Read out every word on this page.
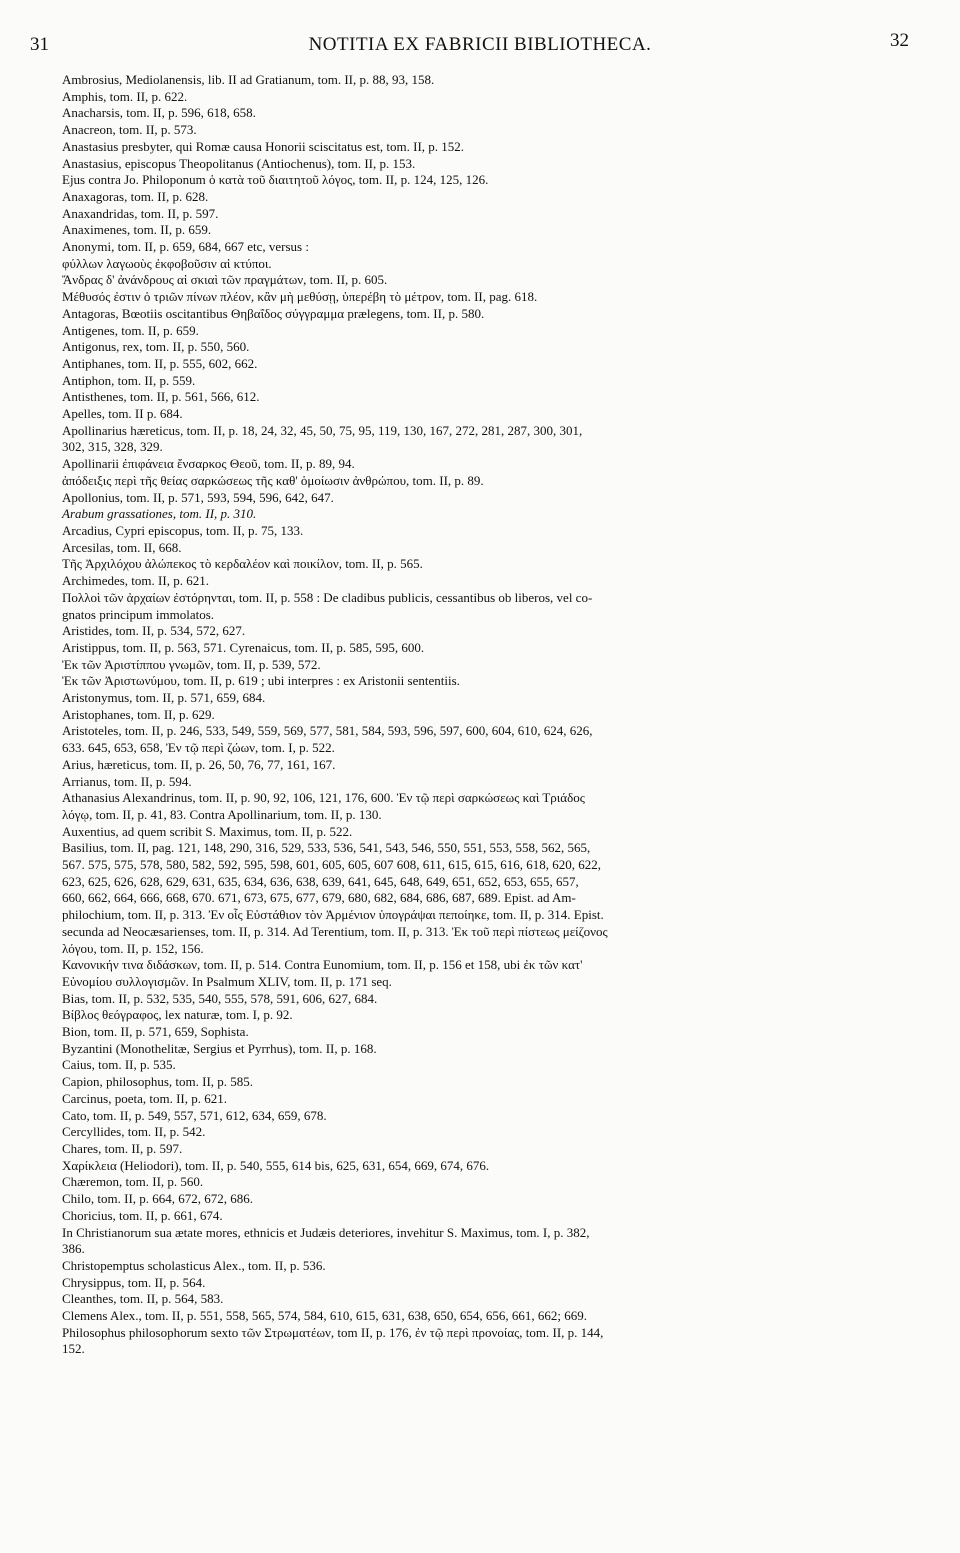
31	NOTITIA EX FABRICII BIBLIOTHECA.	32
Ambrosius, Mediolanensis, lib. II ad Gratianum, tom. II, p. 88, 93, 158.
Amphis, tom. II, p. 622.
Anacharsis, tom. II, p. 596, 618, 658.
Anacreon, tom. II, p. 573.
Anastasius presbyter, qui Romæ causa Honorii sciscitatus est, tom. II, p. 152.
Anastasius, episcopus Theopolitanus (Antiochenus), tom. II, p. 153.
Ejus contra Jo. Philoponum ὁ κατὰ τοῦ διαιτητοῦ λόγος, tom. II, p. 124, 125, 126.
Anaxagoras, tom. II, p. 628.
Anaxandridas, tom. II, p. 597.
Anaximenes, tom. II, p. 659.
Anonymi, tom. II, p. 659, 684, 667 etc, versus :
φύλλων λαγωοὺς ἐκφοβοῦσιν αἱ κτύποι.
Ἄνδρας δ' ἀνάνδρους αἱ σκιαὶ τῶν πραγμάτων, tom. II, p. 605.
Μέθυσός ἐστιν ὁ τριῶν πίνων πλέον, κἂν μὴ μεθύσῃ, ὑπερέβη τὸ μέτρον, tom. II, pag. 618.
Antagoras, Bœotiis oscitantibus Θηβαΐδος σύγγραμμα prælegens, tom. II, p. 580.
Antigenes, tom. II, p. 659.
Antigonus, rex, tom. II, p. 550, 560.
Antiphanes, tom. II, p. 555, 602, 662.
Antiphon, tom. II, p. 559.
Antisthenes, tom. II, p. 561, 566, 612.
Apelles, tom. II p. 684.
Apollinarius hæreticus, tom. II, p. 18, 24, 32, 45, 50, 75, 95, 119, 130, 167, 272, 281, 287, 300, 301,
302, 315, 328, 329.
Apollinarii ἐπιφάνεια ἔνσαρκος Θεοῦ, tom. II, p. 89, 94.
ἀπόδειξις περὶ τῆς θείας σαρκώσεως τῆς καθ' ὁμοίωσιν ἀνθρώπου, tom. II, p. 89.
Apollonius, tom. II, p. 571, 593, 594, 596, 642, 647.
Arabum grassationes, tom. II, p. 310.
Arcadius, Cypri episcopus, tom. II, p. 75, 133.
Arcesilas, tom. II, 668.
Τῆς Ἀρχιλόχου ἀλώπεκος τὸ κερδαλέον καὶ ποικίλον, tom. II, p. 565.
Archimedes, tom. II, p. 621.
Πολλοὶ τῶν ἀρχαίων ἐστόρηνται, tom. II, p. 558 : De cladibus publicis, cessantibus ob liberos, vel co-
gnatos principum immolatos.
Aristides, tom. II, p. 534, 572, 627.
Aristippus, tom. II, p. 563, 571. Cyrenaicus, tom. II, p. 585, 595, 600.
Ἐκ τῶν Ἀριστίππου γνωμῶν, tom. II, p. 539, 572.
Ἐκ τῶν Ἀριστωνύμου, tom. II, p. 619 ; ubi interpres : ex Aristonii sententiis.
Aristonymus, tom. II, p. 571, 659, 684.
Aristophanes, tom. II, p. 629.
Aristoteles, tom. II, p. 246, 533, 549, 559, 569, 577, 581, 584, 593, 596, 597, 600, 604, 610, 624, 626,
633. 645, 653, 658, Ἐν τῷ περὶ ζώων, tom. I, p. 522.
Arius, hæreticus, tom. II, p. 26, 50, 76, 77, 161, 167.
Arrianus, tom. II, p. 594.
Athanasius Alexandrinus, tom. II, p. 90, 92, 106, 121, 176, 600. Ἐν τῷ περὶ σαρκώσεως καὶ Τριάδος
λόγῳ, tom. II, p. 41, 83. Contra Apollinarium, tom. II, p. 130.
Auxentius, ad quem scribit S. Maximus, tom. II, p. 522.
Basilius, tom. II, pag. 121, 148, 290, 316, 529, 533, 536, 541, 543, 546, 550, 551, 553, 558, 562, 565,
567. 575, 575, 578, 580, 582, 592, 595, 598, 601, 605, 605, 607 608, 611, 615, 615, 616, 618, 620, 622,
623, 625, 626, 628, 629, 631, 635, 634, 636, 638, 639, 641, 645, 648, 649, 651, 652, 653, 655, 657,
660, 662, 664, 666, 668, 670. 671, 673, 675, 677, 679, 680, 682, 684, 686, 687, 689. Epist. ad Am-
philochium, tom. II, p. 313. Ἐν οἷς Εὐστάθιον τὸν Ἀρμένιον ὑπογράψαι πεποίηκε, tom. II, p. 314. Epist.
secunda ad Neocæsarienses, tom. II, p. 314. Ad Terentium, tom. II, p. 313. Ἐκ τοῦ περὶ πίστεως μείζονος
λόγου, tom. II, p. 152, 156.
Κανονικήν τινα διδάσκων, tom. II, p. 514. Contra Eunomium, tom. II, p. 156 et 158, ubi ἐκ τῶν κατ'
Εὐνομίου συλλογισμῶν. In Psalmum XLIV, tom. II, p. 171 seq.
Bias, tom. II, p. 532, 535, 540, 555, 578, 591, 606, 627, 684.
Βίβλος θεόγραφος, lex naturæ, tom. I, p. 92.
Bion, tom. II, p. 571, 659, Sophista.
Byzantini (Monothelitæ, Sergius et Pyrrhus), tom. II, p. 168.
Caius, tom. II, p. 535.
Capion, philosophus, tom. II, p. 585.
Carcinus, poeta, tom. II, p. 621.
Cato, tom. II, p. 549, 557, 571, 612, 634, 659, 678.
Cercyllides, tom. II, p. 542.
Chares, tom. II, p. 597.
Χαρίκλεια (Heliodori), tom. II, p. 540, 555, 614 bis, 625, 631, 654, 669, 674, 676.
Chæremon, tom. II, p. 560.
Chilo, tom. II, p. 664, 672, 672, 686.
Choricius, tom. II, p. 661, 674.
In Christianorum sua ætate mores, ethnicis et Judæis deteriores, invehitur S. Maximus, tom. I, p. 382,
386.
Christopemptus scholasticus Alex., tom. II, p. 536.
Chrysippus, tom. II, p. 564.
Cleanthes, tom. II, p. 564, 583.
Clemens Alex., tom. II, p. 551, 558, 565, 574, 584, 610, 615, 631, 638, 650, 654, 656, 661, 662; 669.
Philosophus philosophorum sexto τῶν Στρωματέων, tom II, p. 176, ἐν τῷ περὶ προνοίας, tom. II, p. 144,
152.
